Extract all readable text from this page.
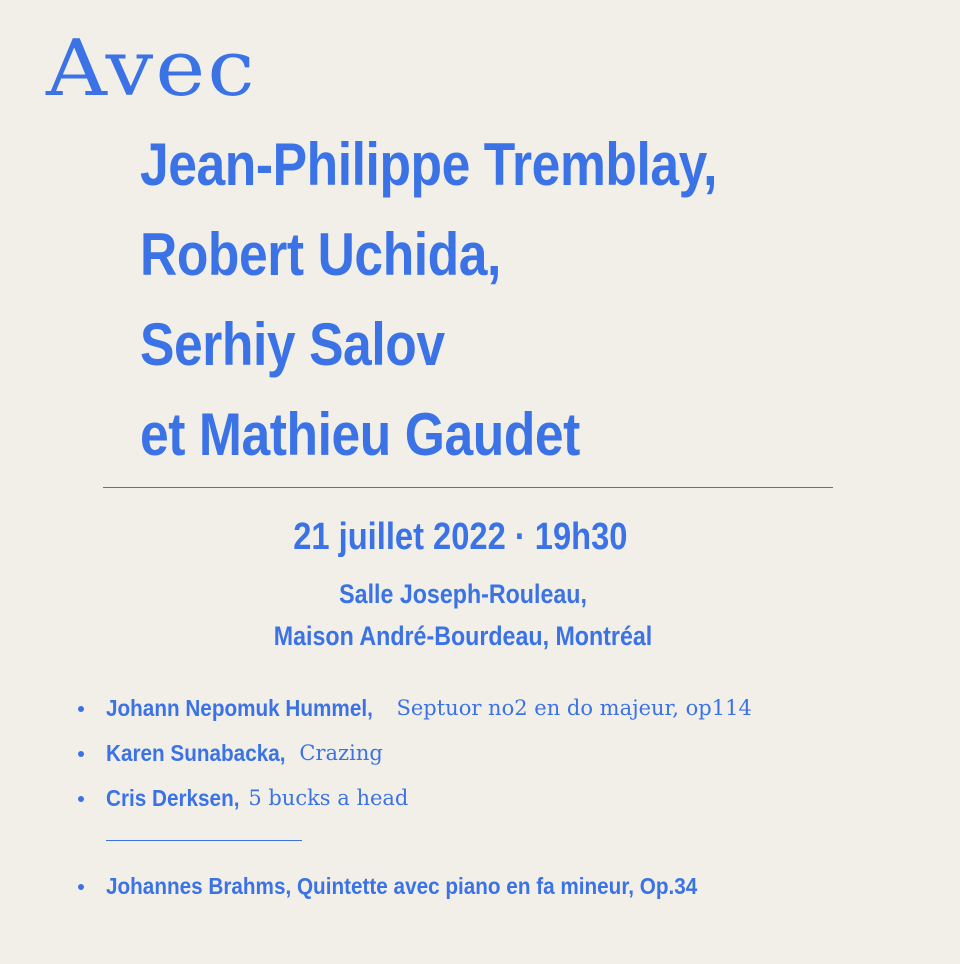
Avec
Jean-Philippe Tremblay,
Robert Uchida,
Serhiy Salov
et Mathieu Gaudet
21 juillet 2022 · 19h30
Salle Joseph-Rouleau,
Maison André-Bourdeau, Montréal
Johann Nepomuk Hummel, Septuor no2 en do majeur, op114
Karen Sunabacka, Crazing
Cris Derksen, 5 bucks a head
Johannes Brahms, Quintette avec piano en fa mineur, Op.34
